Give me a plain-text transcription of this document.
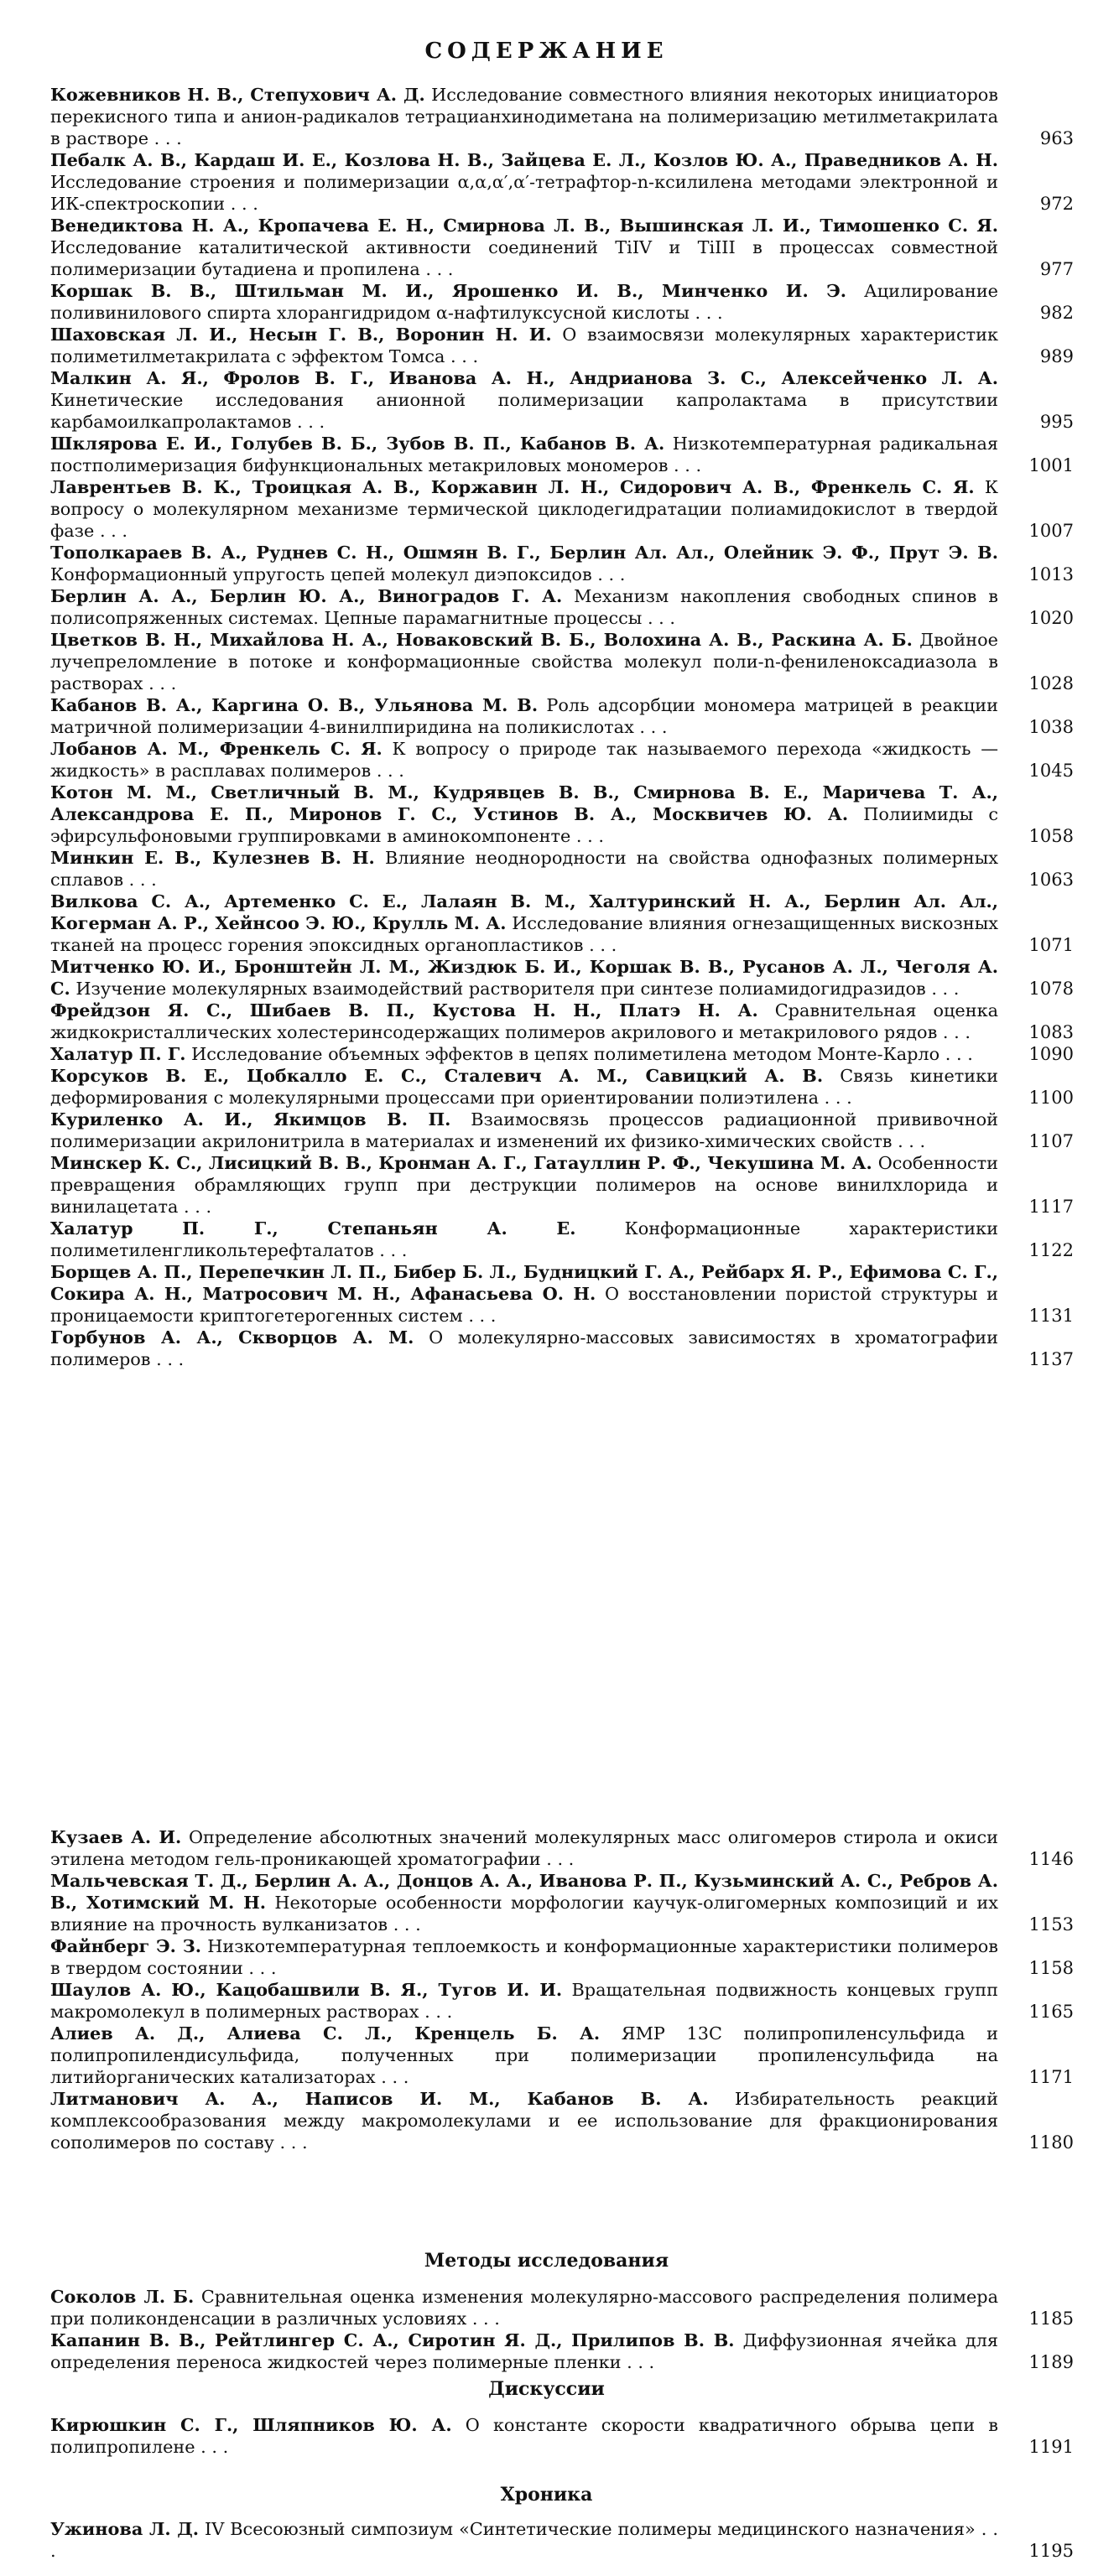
СОДЕРЖАНИЕ
Кожевников Н. В., Степухович А. Д. Исследование совместного влияния некоторых инициаторов перекисного типа и анион-радикалов тетрацианхинодиметана на полимеризацию метилметакрилата в растворе . . .	963
Пебалк А. В., Кардаш И. Е., Козлова Н. В., Зайцева Е. Л., Козлов Ю. А., Праведников А. Н. Исследование строения и полимеризации α,α,α′,α′-тетрафтор-n-ксилилена методами электронной и ИК-спектроскопии . . .	972
Венедиктова Н. А., Кропачева Е. Н., Смирнова Л. В., Вышинская Л. И., Тимошенко С. Я. Исследование каталитической активности соединений TiIV и TiIII в процессах совместной полимеризации бутадиена и пропилена . . .	977
Коршак В. В., Штильман М. И., Ярошенко И. В., Минченко И. Э. Ацилирование поливинилового спирта хлорангидридом α-нафтилуксусной кислоты . . .	982
Шаховская Л. И., Несын Г. В., Воронин Н. И. О взаимосвязи молекулярных характеристик полиметилметакрилата с эффектом Томса . . .	989
Малкин А. Я., Фролов В. Г., Иванова А. Н., Андрианова З. С., Алексейченко Л. А. Кинетические исследования анионной полимеризации капролактама в присутствии карбамоилкапролактамов . . .	995
Шклярова Е. И., Голубев В. Б., Зубов В. П., Кабанов В. А. Низкотемпературная радикальная постполимеризация бифункциональных метакриловых мономеров . . .	1001
Лаврентьев В. К., Троицкая А. В., Коржавин Л. Н., Сидорович А. В., Френкель С. Я. К вопросу о молекулярном механизме термической циклодегидратации полиамидокислот в твердой фазе . . .	1007
Тополкараев В. А., Руднев С. Н., Ошмян В. Г., Берлин Ал. Ал., Олейник Э. Ф., Прут Э. В. Конформационный упругость цепей молекул диэпоксидов . . .	1013
Берлин А. А., Берлин Ю. А., Виноградов Г. А. Механизм накопления свободных спинов в полисопряженных системах. Цепные парамагнитные процессы . . .	1020
Цветков В. Н., Михайлова Н. А., Новаковский В. Б., Волохина А. В., Раскина А. Б. Двойное лучепреломление в потоке и конформационные свойства молекул поли-n-фениленоксадиазола в растворах . . .	1028
Кабанов В. А., Каргина О. В., Ульянова М. В. Роль адсорбции мономера матрицей в реакции матричной полимеризации 4-винилпиридина на поликислотах . . .	1038
Лобанов А. М., Френкель С. Я. К вопросу о природе так называемого перехода «жидкость — жидкость» в расплавах полимеров . . .	1045
Котон М. М., Светличный В. М., Кудрявцев В. В., Смирнова В. Е., Маричева Т. А., Александрова Е. П., Миронов Г. С., Устинов В. А., Москвичев Ю. А. Полиимиды с эфирсульфоновыми группировками в аминокомпоненте . . .	1058
Минкин Е. В., Кулезнев В. Н. Влияние неоднородности на свойства однофазных полимерных сплавов . . .	1063
Вилкова С. А., Артеменко С. Е., Лалаян В. М., Халтуринский Н. А., Берлин Ал. Ал., Когерман А. Р., Хейнсоо Э. Ю., Крулль М. А. Исследование влияния огнезащищенных вискозных тканей на процесс горения эпоксидных органопластиков . . .	1071
Митченко Ю. И., Бронштейн Л. М., Жиздюк Б. И., Коршак В. В., Русанов А. Л., Чеголя А. С. Изучение молекулярных взаимодействий растворителя при синтезе полиамидогидразидов . . .	1078
Фрейдзон Я. С., Шибаев В. П., Кустова Н. Н., Платэ Н. А. Сравнительная оценка жидкокристаллических холестеринсодержащих полимеров акрилового и метакрилового рядов . . .	1083
Халатур П. Г. Исследование объемных эффектов в цепях полиметилена методом Монте-Карло . . .	1090
Корсуков В. Е., Цобкалло Е. С., Сталевич А. М., Савицкий А. В. Связь кинетики деформирования с молекулярными процессами при ориентировании полиэтилена . . .	1100
Куриленко А. И., Якимцов В. П. Взаимосвязь процессов радиационной прививочной полимеризации акрилонитрила в материалах и изменений их физико-химических свойств . . .	1107
Минскер К. С., Лисицкий В. В., Кронман А. Г., Гатауллин Р. Ф., Чекушина М. А. Особенности превращения обрамляющих групп при деструкции полимеров на основе винилхлорида и винилацетата . . .	1117
Халатур П. Г., Степаньян А. Е.	Конформационные характеристики полиметиленгликольтерефталатов . . .	1122
Борщев А. П., Перепечкин Л. П., Бибер Б. Л., Будницкий Г. А., Рейбарх Я. Р., Ефимова С. Г., Сокира А. Н., Матросович М. Н., Афанасьева О. Н. О восстановлении пористой структуры и проницаемости криптогетерогенных систем . . .	1131
Горбунов А. А., Скворцов А. М. О молекулярно-массовых зависимостях в хроматографии полимеров . . .	1137
Кузаев А. И. Определение абсолютных значений молекулярных масс олигомеров стирола и окиси этилена методом гель-проникающей хроматографии . . .	1146
Мальчевская Т. Д., Берлин А. А., Донцов А. А., Иванова Р. П., Кузьминский А. С., Ребров А. В., Хотимский М. Н. Некоторые особенности морфологии каучук-олигомерных композиций и их влияние на прочность вулканизатов . . .	1153
Файнберг Э. З. Низкотемпературная теплоемкость и конформационные характеристики полимеров в твердом состоянии . . .	1158
Шаулов А. Ю., Кацобашвили В. Я., Тугов И. И. Вращательная подвижность концевых групп макромолекул в полимерных растворах . . .	1165
Алиев А. Д., Алиева С. Л., Кренцель Б. А. ЯМР 13С полипропиленсульфида и полипропилендисульфида, полученных при полимеризации пропиленсульфида на литийорганических катализаторах . . .	1171
Литманович А. А., Написов И. М., Кабанов В. А. Избирательность реакций комплексообразования между макромолекулами и ее использование для фракционирования сополимеров по составу . . .	1180
Методы исследования
Соколов Л. Б. Сравнительная оценка изменения молекулярно-массового распределения полимера при поликонденсации в различных условиях . . .	1185
Капанин В. В., Рейтлингер С. А., Сиротин Я. Д., Прилипов В. В. Диффузионная ячейка для определения переноса жидкостей через полимерные пленки . . .	1189
Дискуссии
Кирюшкин С. Г., Шляпников Ю. А. О константе скорости квадратичного обрыва цепи в полипропилене . . .	1191
Хроника
Ужинова Л. Д. IV Всесоюзный симпозиум «Синтетические полимеры медицинского назначения» . . .	1195
